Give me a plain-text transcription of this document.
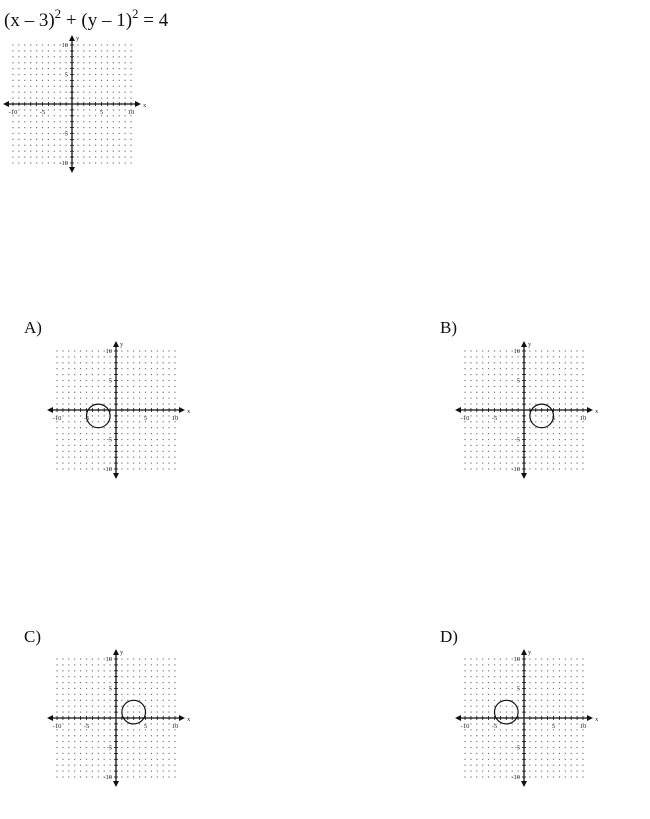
(x – 3)$^2$ + (y – 1)$^2$ = 4
-10	-5	5	10
10
5
-5
-10
x
y
A)
-10	-5	5	10
10
5
-5
-10
x
y
B)
-10	-5	5	10
10
5
-5
-10
x
y
C)
-10	-5	5	10
10
5
-5
-10
x
y
D)
-10	-5	5	10
10
5
-5
-10
x
y
